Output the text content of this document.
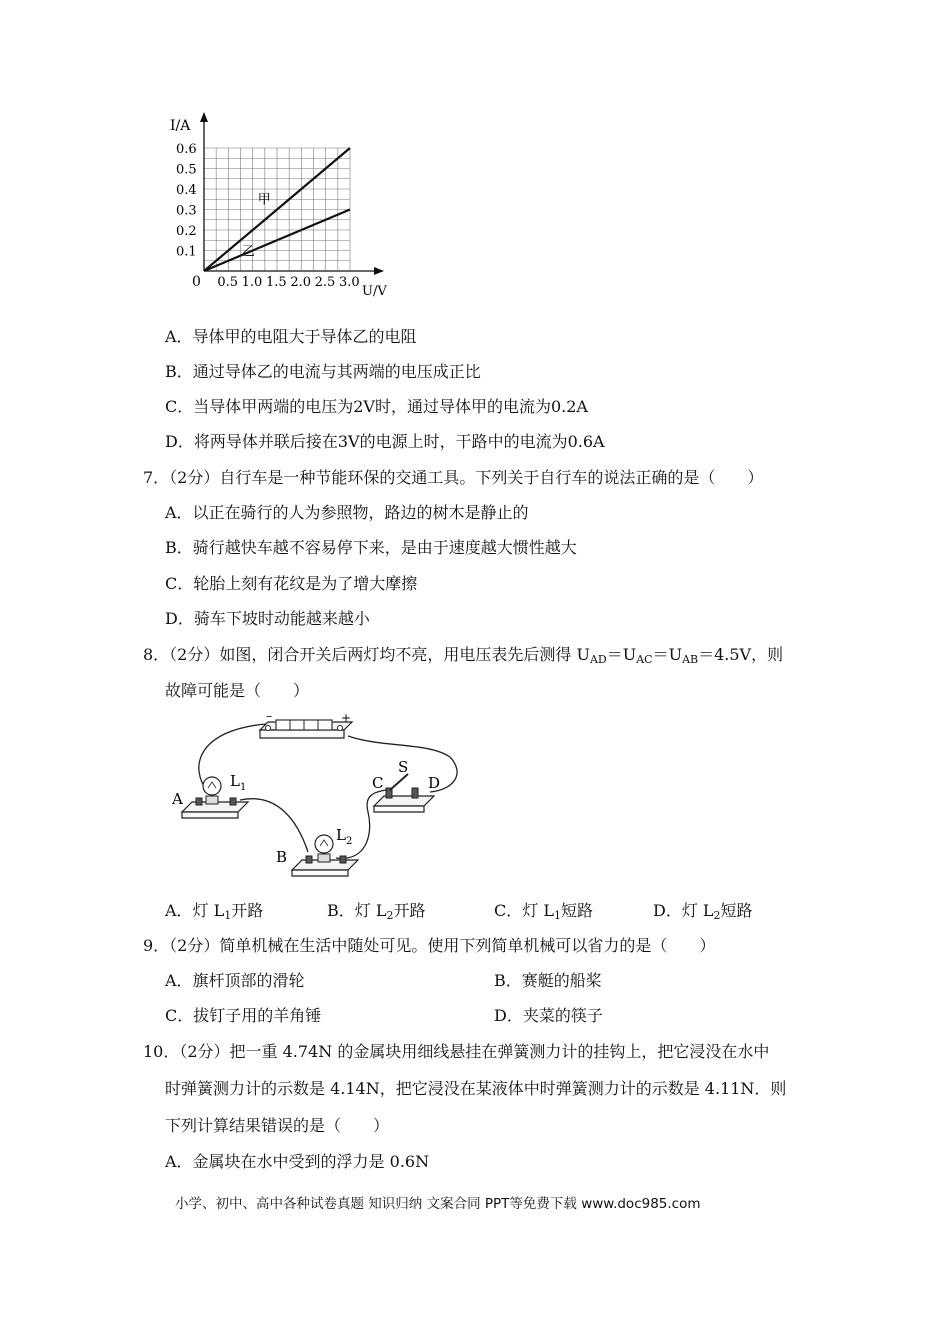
0.5 1.0 1.5 2.0 2.5 3.0
0.6
0.5
0.4
0.3
0.2
0.1
甲
乙
I/A
U/V
0
A．导体甲的电阻大于导体乙的电阻
B．通过导体乙的电流与其两端的电压成正比
C．当导体甲两端的电压为2V时，通过导体甲的电流为0.2A
D．将两导体并联后接在3V的电源上时，干路中的电流为0.6A
7．（2分）自行车是一种节能环保的交通工具。下列关于自行车的说法正确的是（　　）
A．以正在骑行的人为参照物，路边的树木是静止的
B．骑行越快车越不容易停下来，是由于速度越大惯性越大
C．轮胎上刻有花纹是为了增大摩擦
D．骑车下坡时动能越来越小
8．（2分）如图，闭合开关后两灯均不亮，用电压表先后测得 $U_{AD}=U_{AC}=U_{AB}=4.5V$，则
故障可能是（　　）
–	+
$L_1$
A
$L_2$
B
S
C	D
A．灯 $L_1$开路	B．灯 $L_2$开路	C．灯 $L_1$短路	D．灯 $L_2$短路
9．（2分）简单机械在生活中随处可见。使用下列简单机械可以省力的是（　　）
A．旗杆顶部的滑轮	B．赛艇的船桨
C．拔钉子用的羊角锤	D．夹菜的筷子
10．（2分）把一重 4.74N 的金属块用细线悬挂在弹簧测力计的挂钩上，把它浸没在水中
时弹簧测力计的示数是 4.14N，把它浸没在某液体中时弹簧测力计的示数是 4.11N．则
下列计算结果错误的是（　　）
A．金属块在水中受到的浮力是 0.6N
小学、初中、高中各种试卷真题 知识归纳 文案合同 PPT等免费下载 www.doc985.com
